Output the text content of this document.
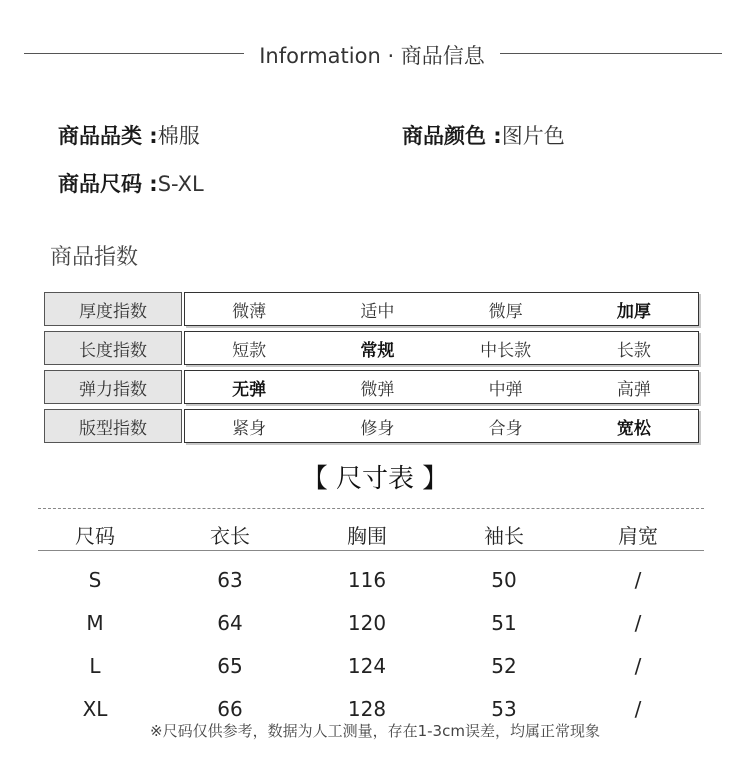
Information · 商品信息
商品品类 :棉服	商品颜色 :图片色
商品尺码 :S-XL
商品指数
厚度指数	微薄	适中	微厚	加厚
长度指数	短款	常规	中长款	长款
弹力指数	无弹	微弹	中弹	高弹
版型指数	紧身	修身	合身	宽松
【 尺寸表 】
尺码	衣长	胸围	袖长	肩宽
S	63	116	50	/
M	64	120	51	/
L	65	124	52	/
XL	66	128	53	/
※尺码仅供参考，数据为人工测量，存在1-3cm误差，均属正常现象
